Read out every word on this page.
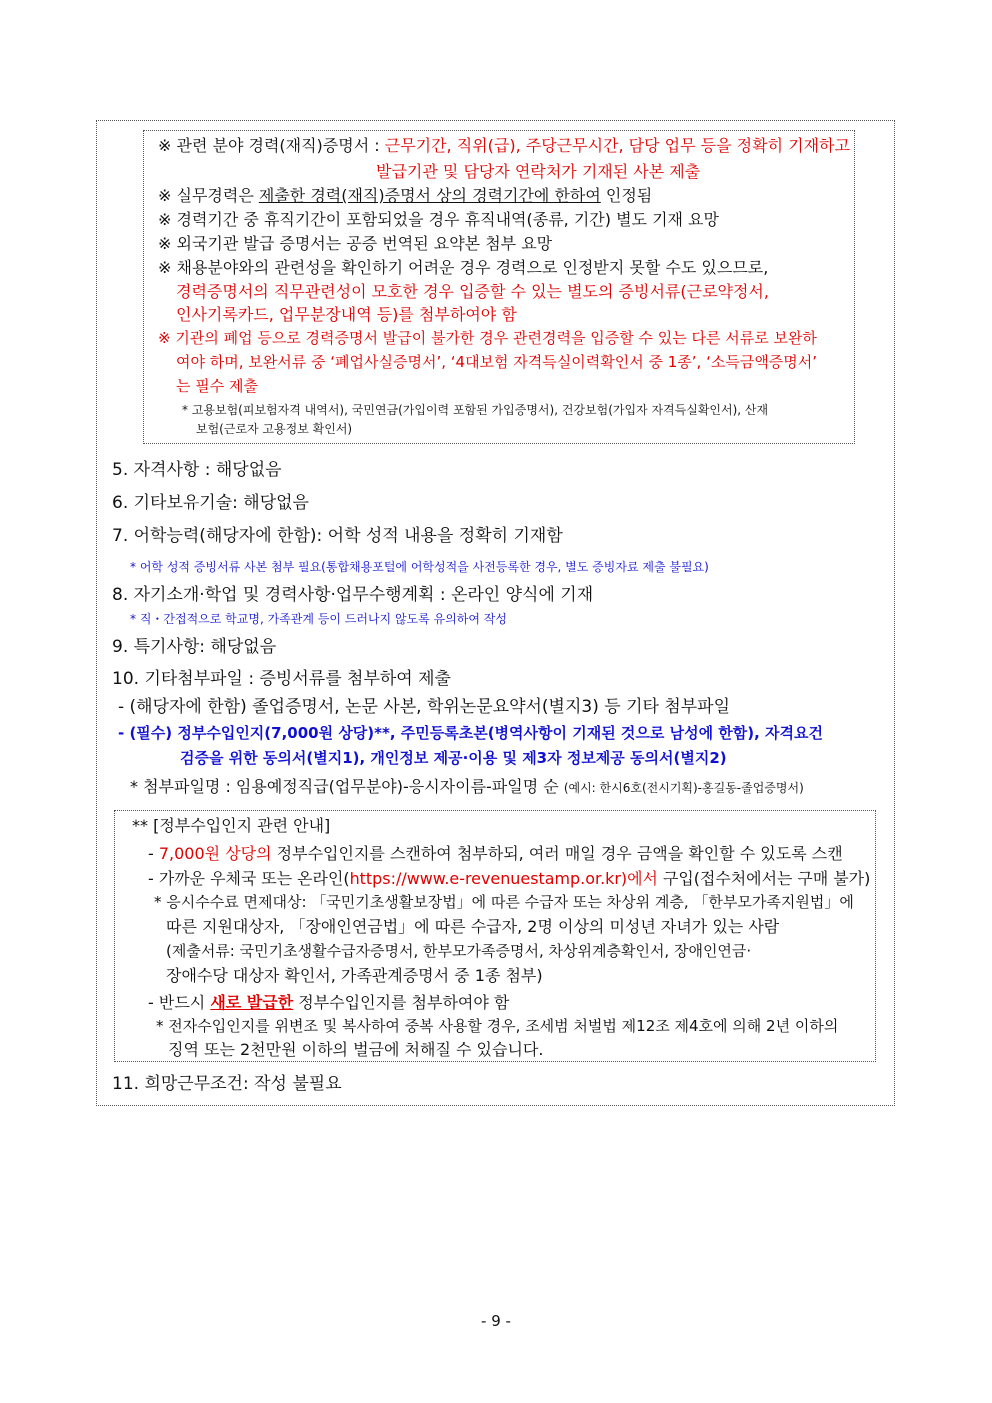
※ 관련 분야 경력(재직)증명서 : 근무기간, 직위(급), 주당근무시간, 담당 업무 등을 정확히 기재하고
발급기관 및 담당자 연락처가 기재된 사본 제출
※ 실무경력은 제출한 경력(재직)증명서 상의 경력기간에 한하여 인정됨
※ 경력기간 중 휴직기간이 포함되었을 경우 휴직내역(종류, 기간) 별도 기재 요망
※ 외국기관 발급 증명서는 공증 번역된 요약본 첨부 요망
※ 채용분야와의 관련성을 확인하기 어려운 경우 경력으로 인정받지 못할 수도 있으므로,
경력증명서의 직무관련성이 모호한 경우 입증할 수 있는 별도의 증빙서류(근로약정서,
인사기록카드, 업무분장내역 등)를 첨부하여야 함
※ 기관의 폐업 등으로 경력증명서 발급이 불가한 경우 관련경력을 입증할 수 있는 다른 서류로 보완하
여야 하며, 보완서류 중 ‘폐업사실증명서’, ‘4대보험 자격득실이력확인서 중 1종’, ‘소득금액증명서’
는 필수 제출
* 고용보험(피보험자격 내역서), 국민연금(가입이력 포함된 가입증명서), 건강보험(가입자 자격득실확인서), 산재
보험(근로자 고용정보 확인서)
5. 자격사항 : 해당없음
6. 기타보유기술: 해당없음
7. 어학능력(해당자에 한함): 어학 성적 내용을 정확히 기재함
* 어학 성적 증빙서류 사본 첨부 필요(통합채용포털에 어학성적을 사전등록한 경우, 별도 증빙자료 제출 불필요)
8. 자기소개·학업 및 경력사항·업무수행계획 : 온라인 양식에 기재
* 직・간접적으로 학교명, 가족관계 등이 드러나지 않도록 유의하여 작성
9. 특기사항: 해당없음
10. 기타첨부파일 : 증빙서류를 첨부하여 제출
- (해당자에 한함) 졸업증명서, 논문 사본, 학위논문요약서(별지3) 등 기타 첨부파일
- (필수) 정부수입인지(7,000원 상당)**, 주민등록초본(병역사항이 기재된 것으로 남성에 한함), 자격요건
검증을 위한 동의서(별지1), 개인정보 제공·이용 및 제3자 정보제공 동의서(별지2)
* 첨부파일명 : 임용예정직급(업무분야)-응시자이름-파일명 순 (예시: 한시6호(전시기획)-홍길동-졸업증명서)
** [정부수입인지 관련 안내]
- 7,000원 상당의 정부수입인지를 스캔하여 첨부하되, 여러 매일 경우 금액을 확인할 수 있도록 스캔
- 가까운 우체국 또는 온라인(https://www.e-revenuestamp.or.kr)에서 구입(접수처에서는 구매 불가)
* 응시수수료 면제대상: 「국민기초생활보장법」에 따른 수급자 또는 차상위 계층, 「한부모가족지원법」에
따른 지원대상자, 「장애인연금법」에 따른 수급자, 2명 이상의 미성년 자녀가 있는 사람
(제출서류: 국민기초생활수급자증명서, 한부모가족증명서, 차상위계층확인서, 장애인연금·
장애수당 대상자 확인서, 가족관계증명서 중 1종 첨부)
- 반드시 새로 발급한 정부수입인지를 첨부하여야 함
* 전자수입인지를 위변조 및 복사하여 중복 사용할 경우, 조세범 처벌법 제12조 제4호에 의해 2년 이하의
징역 또는 2천만원 이하의 벌금에 처해질 수 있습니다.
11. 희망근무조건: 작성 불필요
- 9 -
